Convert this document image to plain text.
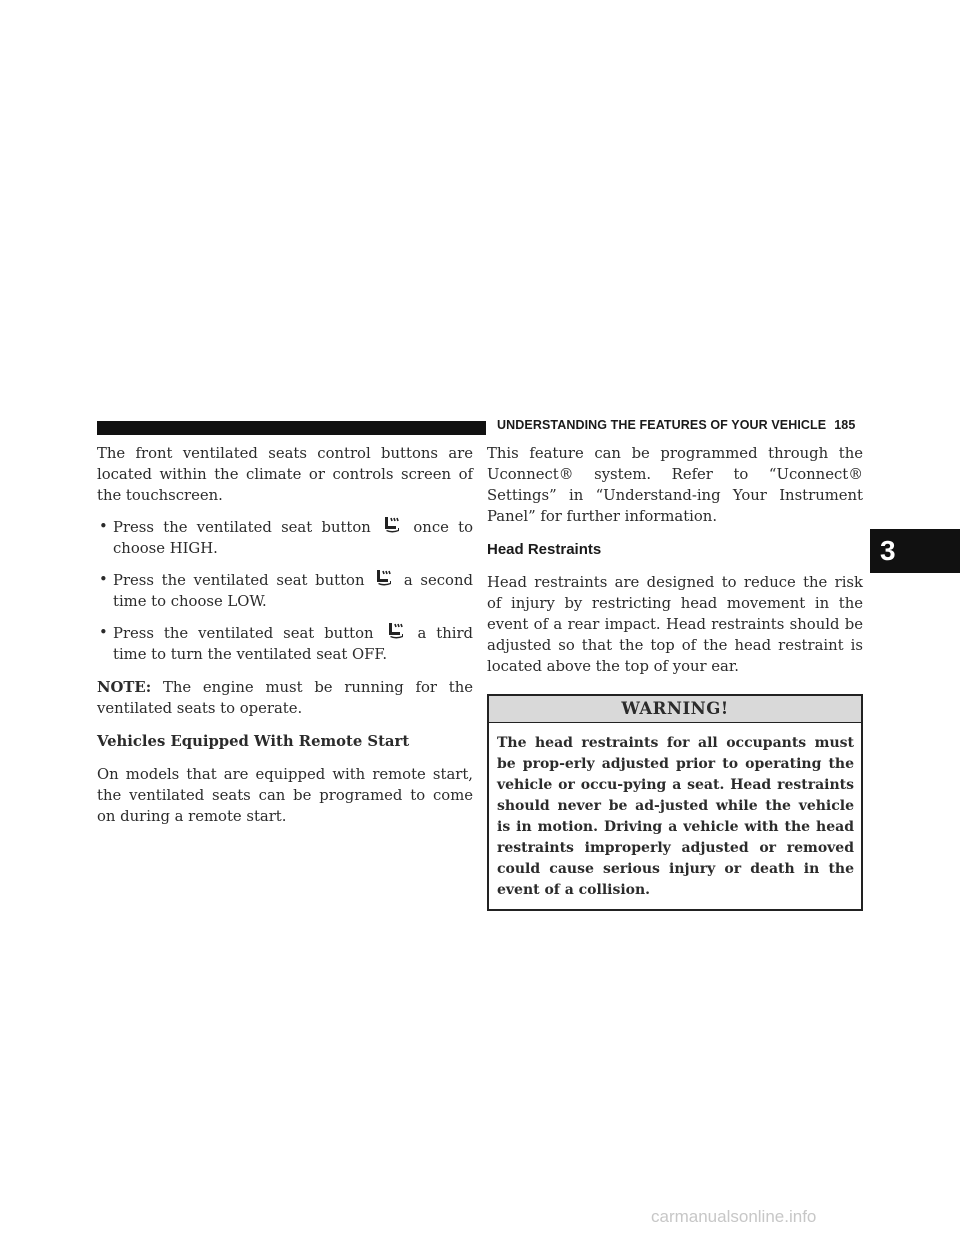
UNDERSTANDING THE FEATURES OF YOUR VEHICLE 185
3

The front ventilated seats control buttons are located within the climate or controls screen of the touchscreen.

• Press the ventilated seat button	once to choose HIGH.
• Press the ventilated seat button	a second time to choose LOW.
• Press the ventilated seat button	a third time to turn the ventilated seat OFF.

NOTE: The engine must be running for the ventilated seats to operate.

Vehicles Equipped With Remote Start

On models that are equipped with remote start, the ventilated seats can be programed to come on during a remote start.

This feature can be programmed through the Uconnect® system. Refer to “Uconnect® Settings” in “Understand-ing Your Instrument Panel” for further information.

Head Restraints

Head restraints are designed to reduce the risk of injury by restricting head movement in the event of a rear impact. Head restraints should be adjusted so that the top of the head restraint is located above the top of your ear.

WARNING!
The head restraints for all occupants must be prop-erly adjusted prior to operating the vehicle or occu-pying a seat. Head restraints should never be ad-justed while the vehicle is in motion. Driving a vehicle with the head restraints improperly adjusted or removed could cause serious injury or death in the event of a collision.
carmanualsonline.info
